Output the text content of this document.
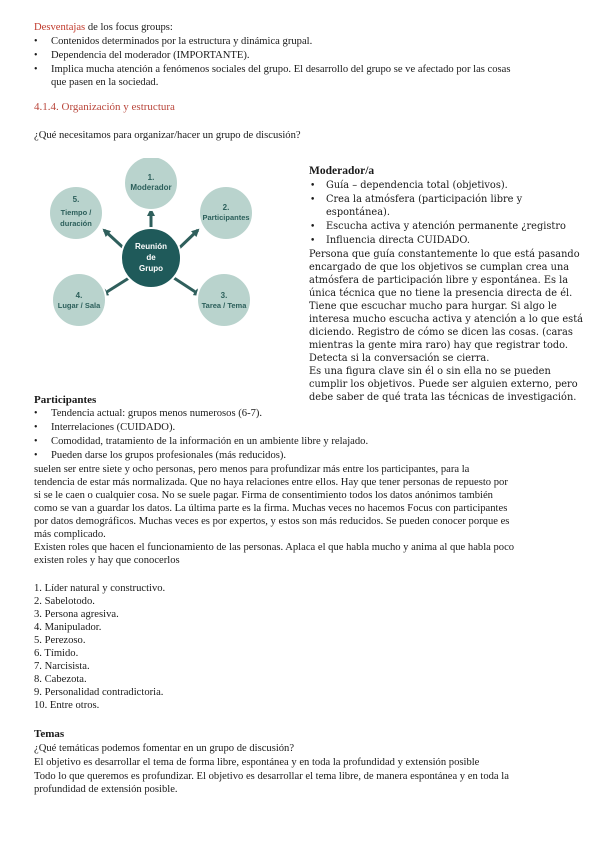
Desventajas de los focus groups:
• Contenidos determinados por la estructura y dinámica grupal.
• Dependencia del moderador (IMPORTANTE).
• Implica mucha atención a fenómenos sociales del grupo. El desarrollo del grupo se ve afectado por las cosas
que pasen en la sociedad.
4.1.4. Organización y estructura
¿Qué necesitamos para organizar/hacer un grupo de discusión?
1.
Moderador
2.
Participantes
3.
Tarea / Tema
4.
Lugar / Sala
5.
Tiempo /
duración
Reunión
de
Grupo
Moderador/a
• Guía – dependencia total (objetivos).
• Crea la atmósfera (participación libre y
espontánea).
• Escucha activa y atención permanente ¿registro
• Influencia directa CUIDADO.
Persona que guía constantemente lo que está pasando
encargado de que los objetivos se cumplan crea una
atmósfera de participación libre y espontánea. Es la
única técnica que no tiene la presencia directa de él.
Tiene que escuchar mucho para hurgar. Si algo le
interesa mucho escucha activa y atención a lo que está
diciendo. Registro de cómo se dicen las cosas. (caras
mientras la gente mira raro) hay que registrar todo.
Detecta si la conversación se cierra.
Es una figura clave sin él o sin ella no se pueden
cumplir los objetivos. Puede ser alguien externo, pero
debe saber de qué trata las técnicas de investigación.
Participantes
• Tendencia actual: grupos menos numerosos (6-7).
• Interrelaciones (CUIDADO).
• Comodidad, tratamiento de la información en un ambiente libre y relajado.
• Pueden darse los grupos profesionales (más reducidos).
suelen ser entre siete y ocho personas, pero menos para profundizar más entre los participantes, para la
tendencia de estar más normalizada. Que no haya relaciones entre ellos. Hay que tener personas de repuesto por
si se le caen o cualquier cosa. No se suele pagar. Firma de consentimiento todos los datos anónimos también
como se van a guardar los datos. La última parte es la firma. Muchas veces no hacemos Focus con participantes
por datos demográficos. Muchas veces es por expertos, y estos son más reducidos. Se pueden conocer porque es
más complicado.
Existen roles que hacen el funcionamiento de las personas. Aplaca el que habla mucho y anima al que habla poco
existen roles y hay que conocerlos
1. Líder natural y constructivo.
2. Sabelotodo.
3. Persona agresiva.
4. Manipulador.
5. Perezoso.
6. Tímido.
7. Narcisista.
8. Cabezota.
9. Personalidad contradictoria.
10. Entre otros.
Temas
¿Qué temáticas podemos fomentar en un grupo de discusión?
El objetivo es desarrollar el tema de forma libre, espontánea y en toda la profundidad y extensión posible
Todo lo que queremos es profundizar. El objetivo es desarrollar el tema libre, de manera espontánea y en toda la
profundidad de extensión posible.
